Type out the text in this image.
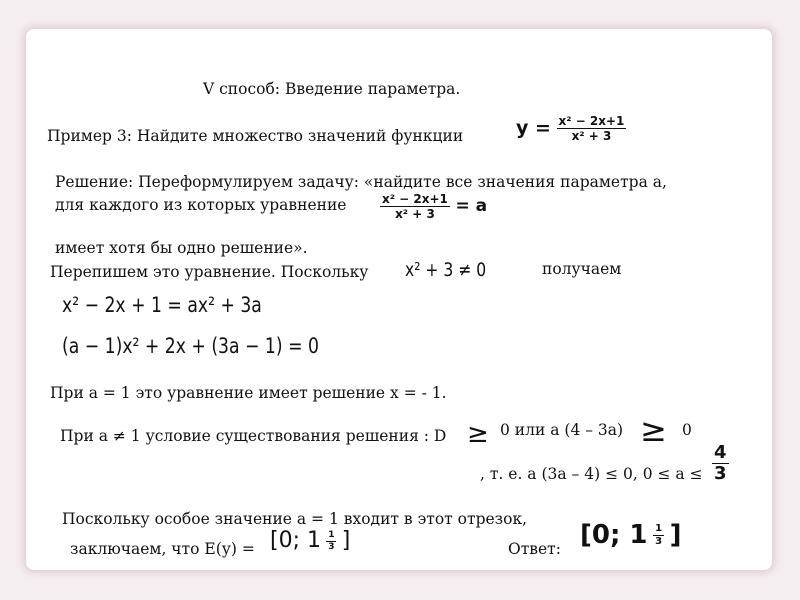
V способ: Введение параметра.
Пример 3: Найдите множество значений функции	$y = \frac{\text{x² − 2x+1}}{\text{x² + 3}}$
Решение: Переформулируем задачу: «найдите все значения параметра а,
для каждого из которых уравнение	$\frac{\text{x² − 2x+1}}{\text{x² + 3}} = a$
имеет хотя бы одно решение».
Перепишем это уравнение. Поскольку x² + 3 ≠ 0	получаем
x² − 2x + 1 = ax² + 3a
(a − 1)x² + 2x + (3a − 1) = 0
При а = 1 это уравнение имеет решение х = - 1.
При а ≠ 1 условие существования решения : D ≥ 0 или а (4 – 3а) ≥ 0
, т. е. а (3а – 4) ≤ 0, $0 \le а \le \frac{4}{3}$
Поскольку особое значение а = 1 входит в этот отрезок,
заключаем, что Е(у) = [0; $1 \frac{1}{3}$ ]	Ответ: [0; $1 \frac{1}{3}$ ]
